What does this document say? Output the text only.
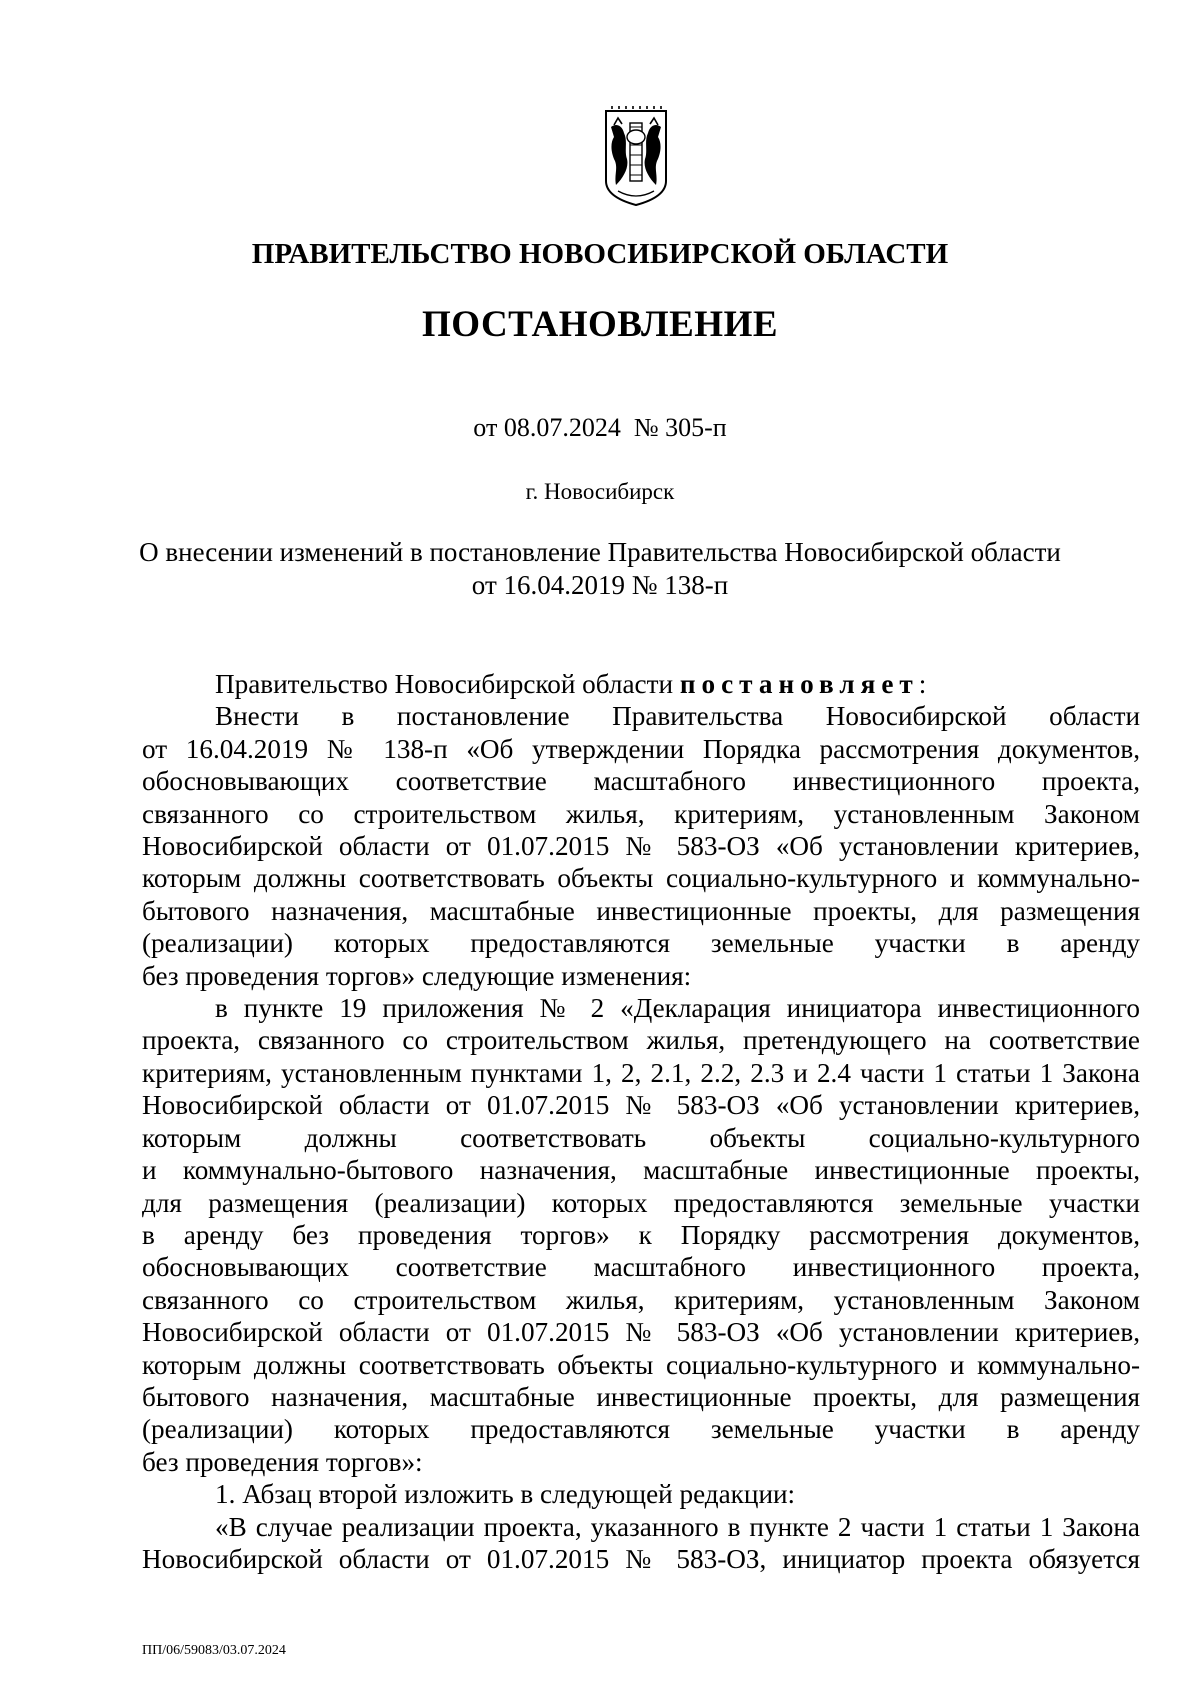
ПРАВИТЕЛЬСТВО НОВОСИБИРСКОЙ ОБЛАСТИ
ПОСТАНОВЛЕНИЕ
от 08.07.2024  № 305-п
г. Новосибирск
О внесении изменений в постановление Правительства Новосибирской области
от 16.04.2019 № 138-п

Правительство Новосибирской области постановляет:

Внести в постановление Правительства Новосибирской области

от 16.04.2019 № 138-п «Об утверждении Порядка рассмотрения документов,

обосновывающих соответствие масштабного инвестиционного проекта,

связанного со строительством жилья, критериям, установленным Законом

Новосибирской области от 01.07.2015 № 583-ОЗ «Об установлении критериев,

которым должны соответствовать объекты социально-культурного и коммунально-

бытового назначения, масштабные инвестиционные проекты, для размещения

(реализации) которых предоставляются земельные участки в аренду

без проведения торгов» следующие изменения:

в пункте 19 приложения № 2 «Декларация инициатора инвестиционного

проекта, связанного со строительством жилья, претендующего на соответствие

критериям, установленным пунктами 1, 2, 2.1, 2.2, 2.3 и 2.4 части 1 статьи 1 Закона

Новосибирской области от 01.07.2015 № 583-ОЗ «Об установлении критериев,

которым должны соответствовать объекты социально-культурного

и коммунально-бытового назначения, масштабные инвестиционные проекты,

для размещения (реализации) которых предоставляются земельные участки

в аренду без проведения торгов» к Порядку рассмотрения документов,

обосновывающих соответствие масштабного инвестиционного проекта,

связанного со строительством жилья, критериям, установленным Законом

Новосибирской области от 01.07.2015 № 583-ОЗ «Об установлении критериев,

которым должны соответствовать объекты социально-культурного и коммунально-

бытового назначения, масштабные инвестиционные проекты, для размещения

(реализации) которых предоставляются земельные участки в аренду

без проведения торгов»:

1. Абзац второй изложить в следующей редакции:

«В случае реализации проекта, указанного в пункте 2 части 1 статьи 1 Закона

Новосибирской области от 01.07.2015 № 583-ОЗ, инициатор проекта обязуется

ПП/06/59083/03.07.2024
